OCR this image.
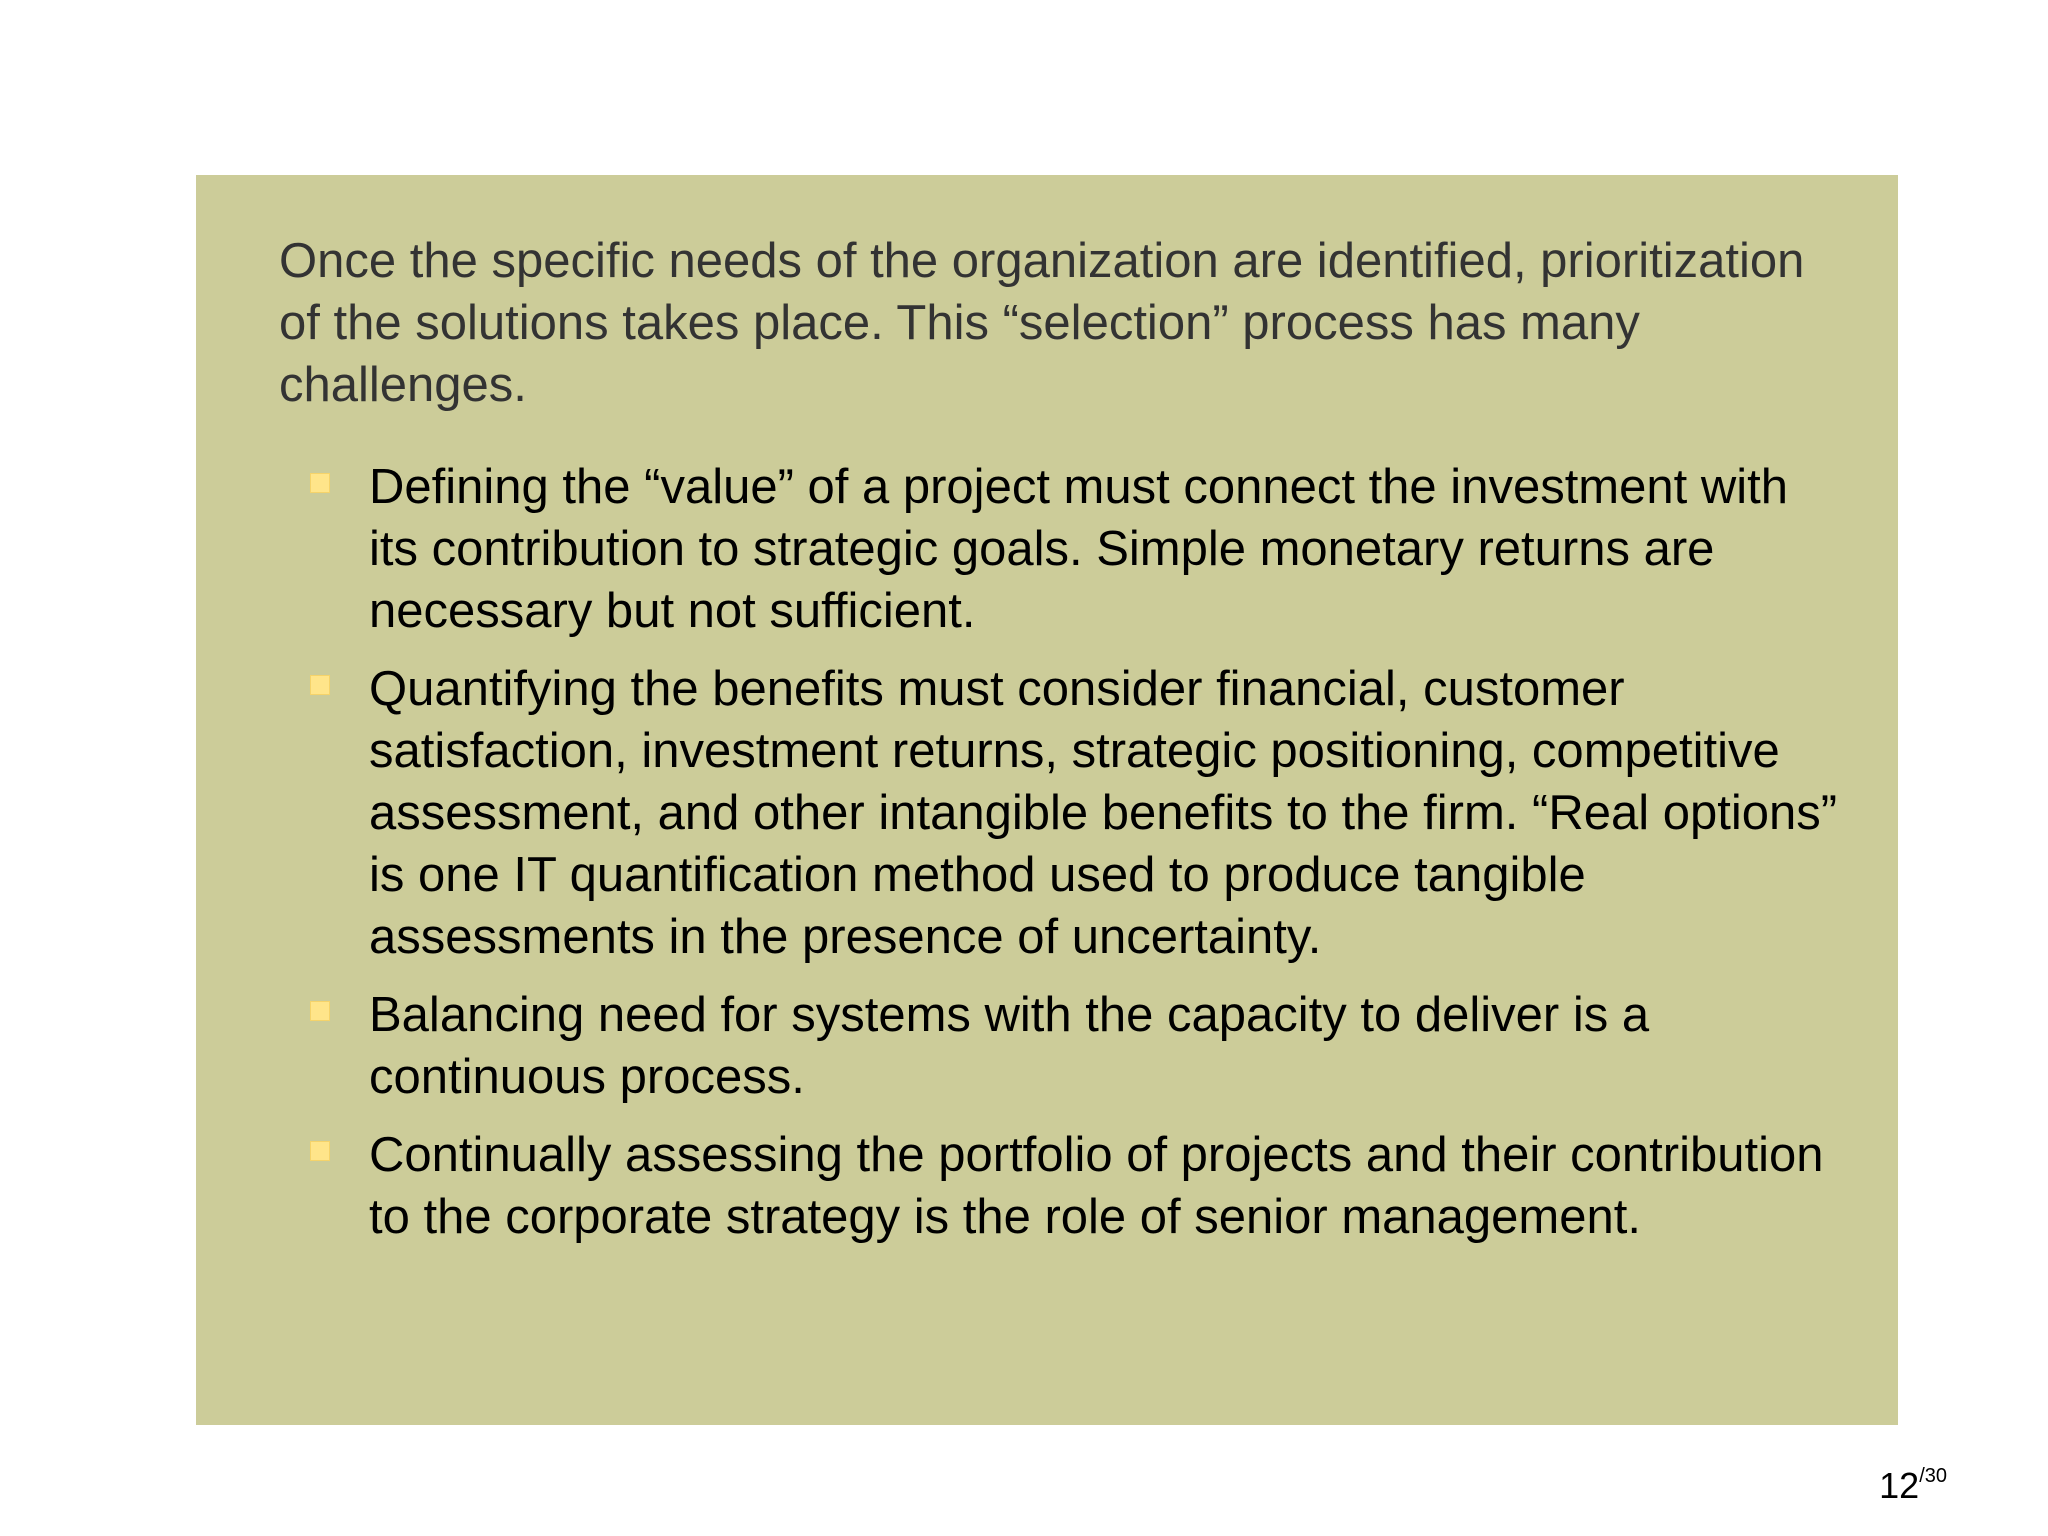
Once the specific needs of the organization are identified, prioritization of the solutions takes place. This “selection” process has many challenges.

Defining the “value” of a project must connect the investment with its contribution to strategic goals. Simple monetary returns are necessary but not sufficient.
Quantifying the benefits must consider financial, customer satisfaction, investment returns, strategic positioning, competitive assessment, and other intangible benefits to the firm. “Real options” is one IT quantification method used to produce tangible assessments in the presence of uncertainty.
Balancing need for systems with the capacity to deliver is a continuous process.
Continually assessing the portfolio of projects and their contribution to the corporate strategy is the role of senior management.
$12^{/30}$
